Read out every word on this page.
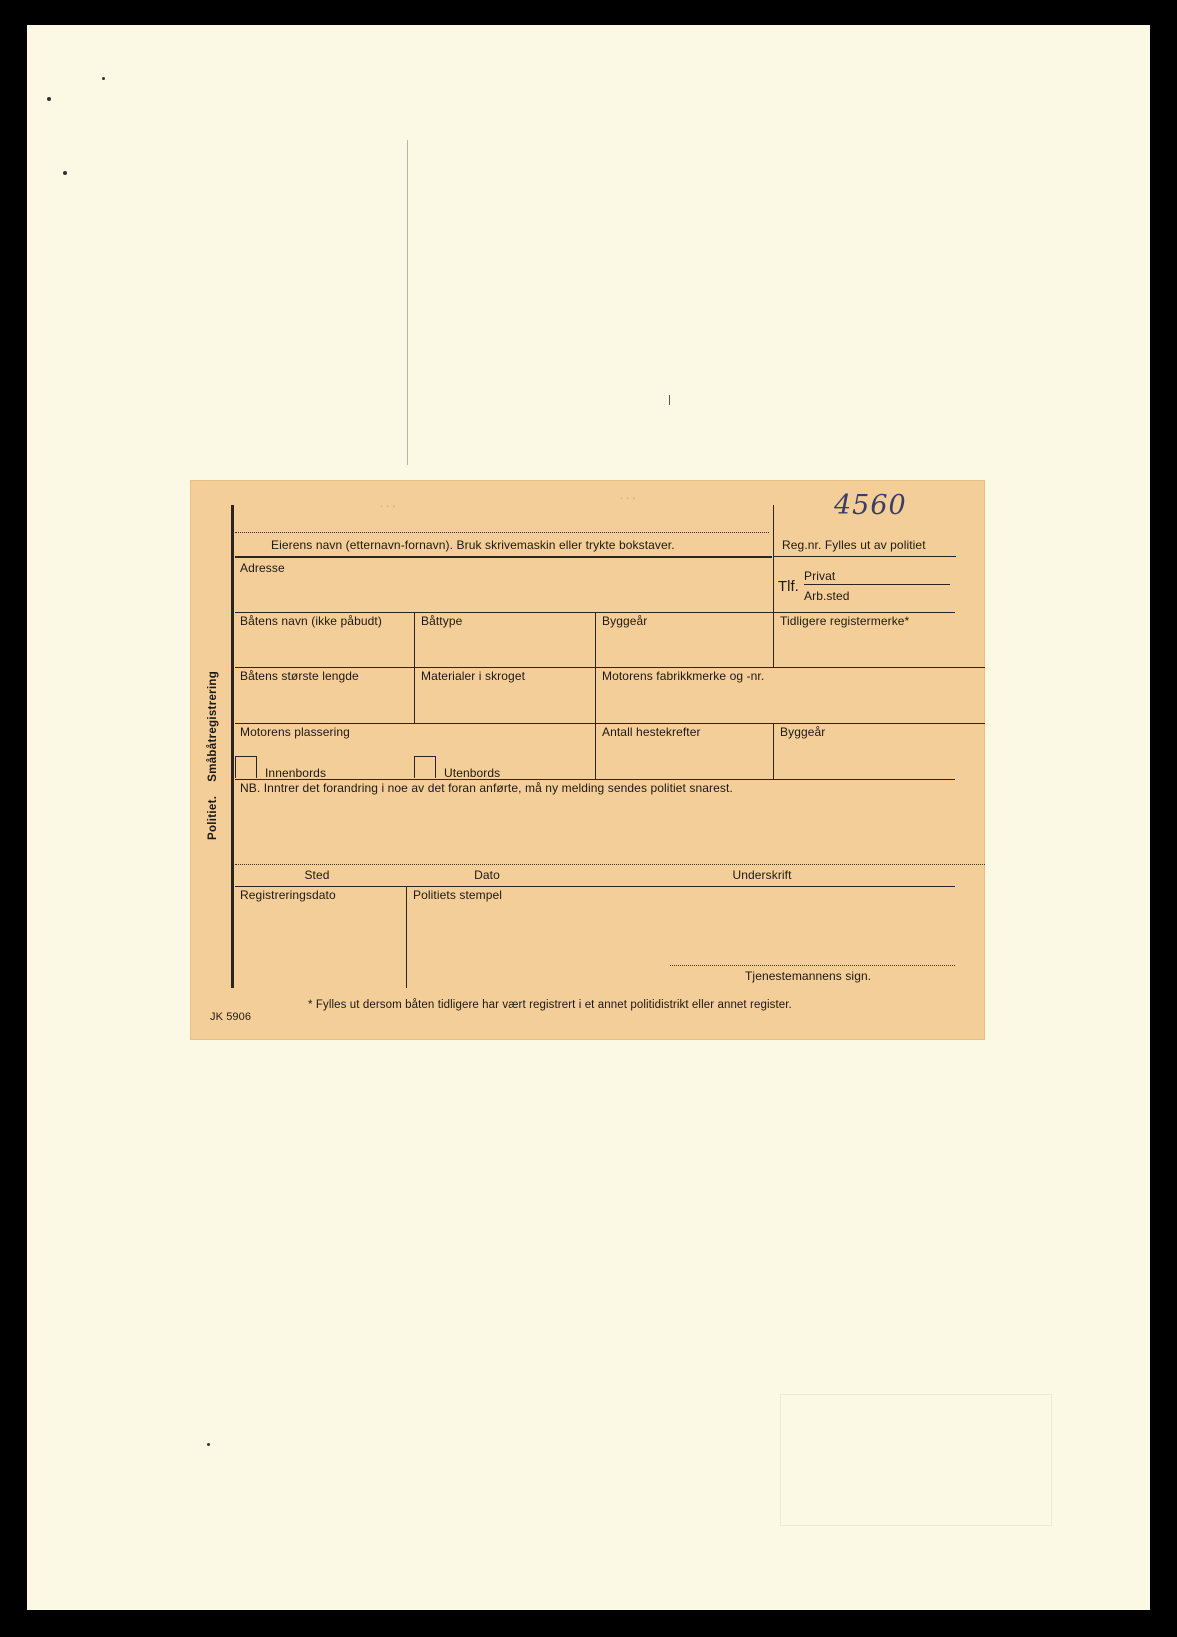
4560
. . .
. . .
Politiet.Småbåtregistrering
Eierens navn (etternavn-fornavn). Bruk skrivemaskin eller trykte bokstaver.	Reg.nr. Fylles ut av politiet
Adresse
Tlf.
Privat
Arb.sted
Båtens navn (ikke påbudt)	Båttype	Byggeår	Tidligere registermerke*
Båtens største lengde	Materialer i skroget	Motorens fabrikkmerke og -nr.
Motorens plassering	Antall hestekrefter	Byggeår
Innenbords	Utenbords
NB. Inntrer det forandring i noe av det foran anførte, må ny melding sendes politiet snarest.
Sted	Dato	Underskrift
Registreringsdato	Politiets stempel
Tjenestemannens sign.
* Fylles ut dersom båten tidligere har vært registrert i et annet politidistrikt eller annet register.
JK 5906
